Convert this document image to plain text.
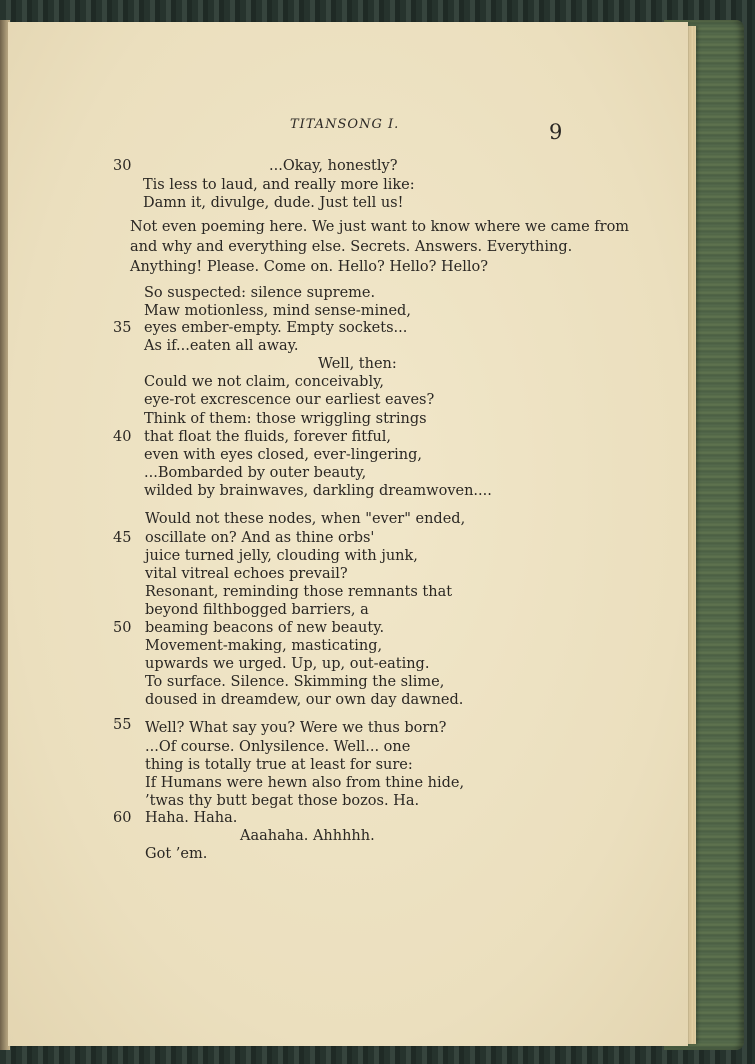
TITANSONG I.	9
30
35
40
45
50
55
60
...Okay, honestly?
Tis less to laud, and really more like:
Damn it, divulge, dude. Just tell us!
Not even poeming here. We just want to know where we came from
and why and everything else. Secrets. Answers. Everything.
Anything! Please. Come on. Hello? Hello? Hello?
So suspected: silence supreme.
Maw motionless, mind sense-mined,
eyes ember-empty. Empty sockets...
As if...eaten all away.
Well, then:
Could we not claim, conceivably,
eye-rot excrescence our earliest eaves?
Think of them: those wriggling strings
that float the fluids, forever fitful,
even with eyes closed, ever-lingering,
...Bombarded by outer beauty,
wilded by brainwaves, darkling dreamwoven....
Would not these nodes, when "ever" ended,
oscillate on? And as thine orbs'
juice turned jelly, clouding with junk,
vital vitreal echoes prevail?
Resonant, reminding those remnants that
beyond filthbogged barriers, a
beaming beacons of new beauty.
Movement-making, masticating,
upwards we urged. Up, up, out-eating.
To surface. Silence. Skimming the slime,
doused in dreamdew, our own day dawned.
Well? What say you? Were we thus born?
...Of course. Onlysilence. Well... one
thing is totally true at least for sure:
If Humans were hewn also from thine hide,
’twas thy butt begat those bozos. Ha.
Haha. Haha.
Aaahaha. Ahhhhh.
Got ’em.
